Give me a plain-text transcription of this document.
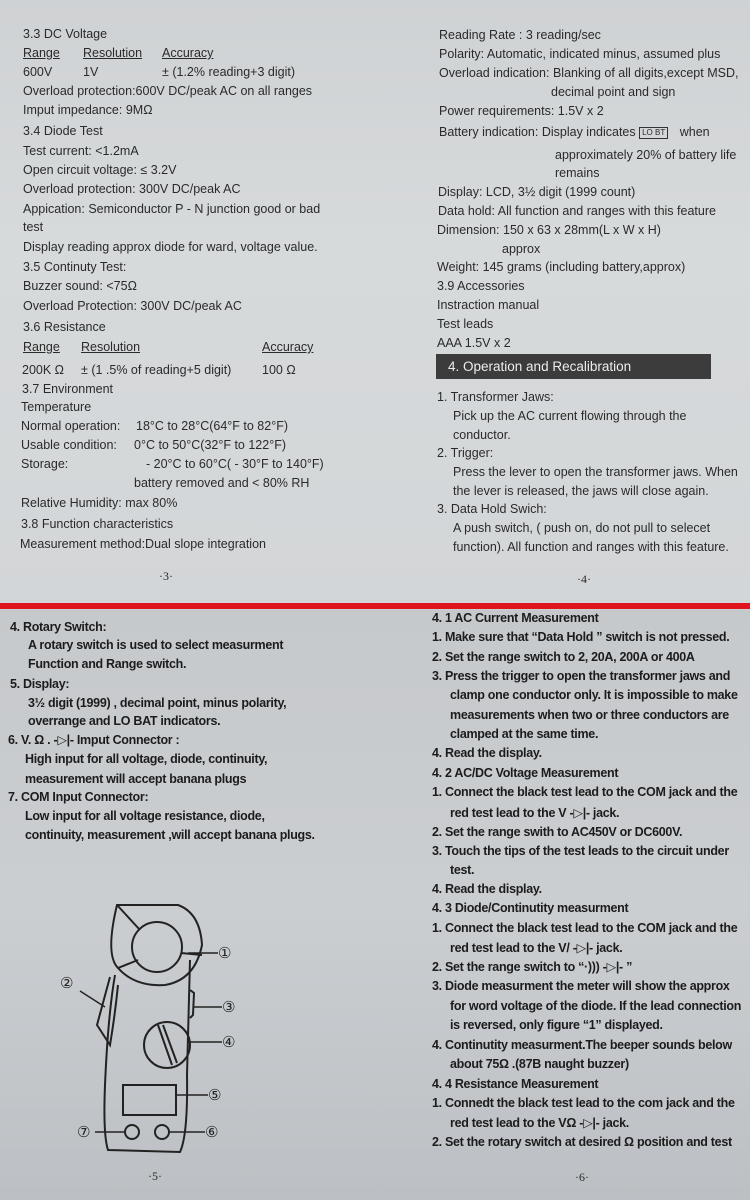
3.3 DC Voltage
Range Resolution Accuracy
600V 1V	± (1.2% reading+3 digit)
Overload protection:600V DC/peak AC on all ranges
Imput impedance: 9MΩ
3.4 Diode Test
Test current: <1.2mA
Open circuit voltage: ≤ 3.2V
Overload protection: 300V DC/peak AC
Appication: Semiconductor P - N junction good or bad
test
Display reading approx diode for ward, voltage value.
3.5 Continuty Test:
Buzzer sound: <75Ω
Overload Protection: 300V DC/peak AC
3.6 Resistance
Range Resolution	Accuracy
200K Ω ± (1 .5% of reading+5 digit) 100 Ω
3.7 Environment
Temperature
Normal operation: 18°C to 28°C(64°F to 82°F)
Usable condition: 0°C to 50°C(32°F to 122°F)
Storage:	- 20°C to 60°C( - 30°F to 140°F)
battery removed and < 80% RH
Relative Humidity: max 80%
3.8 Function characteristics
Measurement method:Dual slope integration
·3·
Reading Rate : 3 reading/sec
Polarity: Automatic, indicated minus, assumed plus
Overload indication: Blanking of all digits,except MSD,
decimal point and sign
Power requirements: 1.5V x 2
Battery indication: Display indicates LO BT when
approximately 20% of battery life
remains
Display: LCD, 3½ digit (1999 count)
Data hold: All function and ranges with this feature
Dimension: 150 x 63 x 28mm(L x W x H)
approx
Weight: 145 grams (including battery,approx)
3.9 Accessories
Instraction manual
Test leads
AAA 1.5V x 2
4. Operation and Recalibration
1. Transformer Jaws:
Pick up the AC current flowing through the
conductor.
2. Trigger:
Press the lever to open the transformer jaws. When
the lever is released, the jaws will close again.
3. Data Hold Swich:
A push switch, ( push on, do not pull to selecet
function). All function and ranges with this feature.
·4·
4. Rotary Switch:
A rotary switch is used to select measurment
Function and Range switch.
5. Display:
3½ digit (1999) , decimal point, minus polarity,
overrange and LO BAT indicators.
6. V. Ω . -▷|- Imput Connector :
High input for all voltage, diode, continuity,
measurement will accept banana plugs
7. COM Input Connector:
Low input for all voltage resistance, diode,
continuity, measurement ,will accept banana plugs.
①
②
③
④
⑤
⑥
⑦
·5·
4. 1 AC Current Measurement
1. Make sure that “Data Hold ” switch is not pressed.
2. Set the range switch to 2, 20A, 200A or 400A
3. Press the trigger to open the transformer jaws and
clamp one conductor only. It is impossible to make
measurements when two or three conductors are
clamped at the same time.
4. Read the display.
4. 2 AC/DC Voltage Measurement
1. Connect the black test lead to the COM jack and the
red test lead to the V -▷|- jack.
2. Set the range swith to AC450V or DC600V.
3. Touch the tips of the test leads to the circuit under
test.
4. Read the display.
4. 3 Diode/Continutity measurment
1. Connect the black test lead to the COM jack and the
red test lead to the V/ -▷|- jack.
2. Set the range switch to “·))) -▷|- ”
3. Diode measurment the meter will show the approx
for word voltage of the diode. If the lead connection
is reversed, only figure “1” displayed.
4. Continutity measurment.The beeper sounds below
about 75Ω .(87B naught buzzer)
4. 4 Resistance Measurement
1. Connedt the black test lead to the com jack and the
red test lead to the VΩ -▷|- jack.
2. Set the rotary switch at desired Ω position and test
·6·
